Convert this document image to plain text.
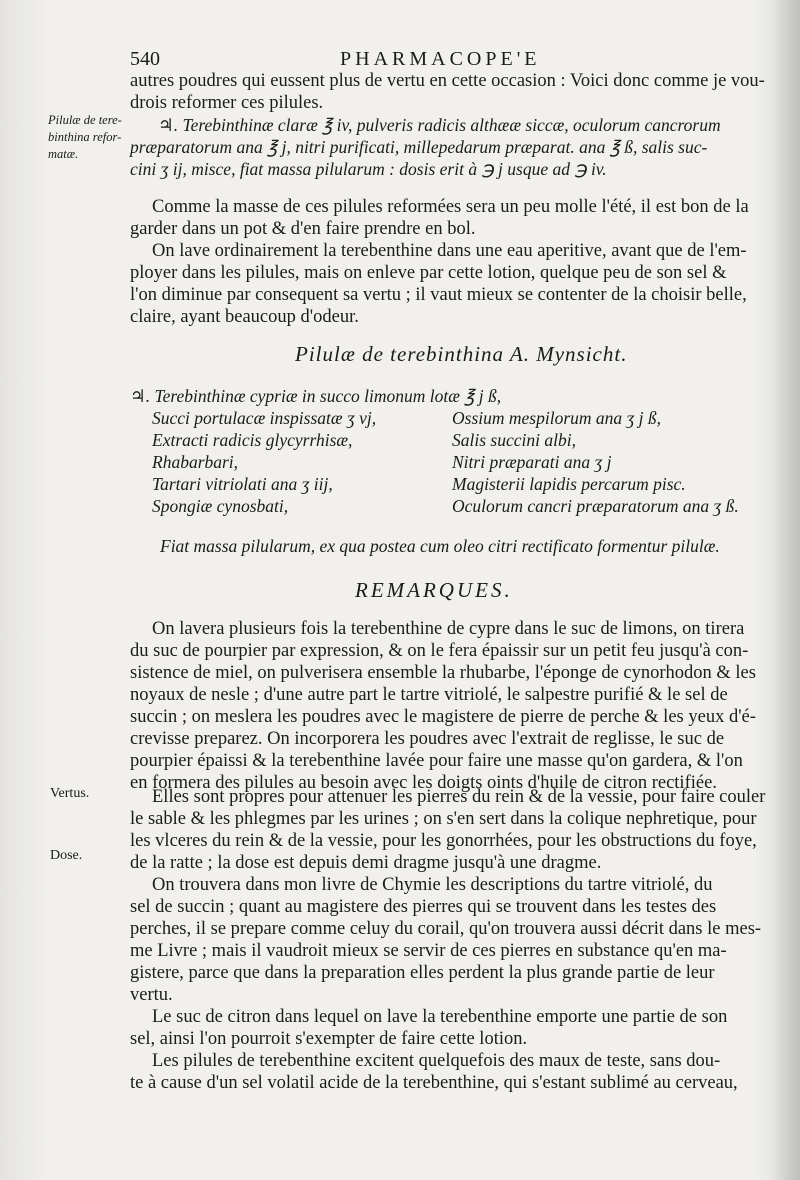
540	PHARMACOPE'E
Pilulæ de tere-
binthina refor-
matæ.
Vertus.
Dose.
autres poudres qui eussent plus de vertu en cette occasion : Voici donc comme je vou-
drois reformer ces pilules.
♃. Terebinthinæ claræ ℥ iv, pulveris radicis althææ siccæ, oculorum cancrorum
præparatorum ana ℥ j, nitri purificati, millepedarum præparat. ana ℥ ß, salis suc-
cini ʒ ij, misce, fiat massa pilularum : dosis erit à ℈ j usque ad ℈ iv.
Comme la masse de ces pilules reformées sera un peu molle l'été, il est bon de la
garder dans un pot & d'en faire prendre en bol.
On lave ordinairement la terebenthine dans une eau aperitive, avant que de l'em-
ployer dans les pilules, mais on enleve par cette lotion, quelque peu de son sel &
l'on diminue par consequent sa vertu ; il vaut mieux se contenter de la choisir belle,
claire, ayant beaucoup d'odeur.
Pilulæ de terebinthina A. Mynsicht.
♃. Terebinthinæ cypriæ in succo limonum lotæ ℥ j ß,
Succi portulacæ inspissatæ ʒ vj,
Extracti radicis glycyrrhisæ,
Rhabarbari,
Tartari vitriolati ana ʒ iij,
Spongiæ cynosbati,
Ossium mespilorum ana ʒ j ß,
Salis succini albi,
Nitri præparati ana ʒ j
Magisterii lapidis percarum pisc.
Oculorum cancri præparatorum ana ʒ ß.
Fiat massa pilularum, ex qua postea cum oleo citri rectificato formentur pilulæ.
REMARQUES.
On lavera plusieurs fois la terebenthine de cypre dans le suc de limons, on tirera
du suc de pourpier par expression, & on le fera épaissir sur un petit feu jusqu'à con-
sistence de miel, on pulverisera ensemble la rhubarbe, l'éponge de cynorhodon & les
noyaux de nesle ; d'une autre part le tartre vitriolé, le salpestre purifié & le sel de
succin ; on meslera les poudres avec le magistere de pierre de perche & les yeux d'é-
crevisse preparez. On incorporera les poudres avec l'extrait de reglisse, le suc de
pourpier épaissi & la terebenthine lavée pour faire une masse qu'on gardera, & l'on
en formera des pilules au besoin avec les doigts oints d'huile de citron rectifiée.
Elles sont propres pour attenuer les pierres du rein & de la vessie, pour faire couler
le sable & les phlegmes par les urines ; on s'en sert dans la colique nephretique, pour
les vlceres du rein & de la vessie, pour les gonorrhées, pour les obstructions du foye,
de la ratte ; la dose est depuis demi dragme jusqu'à une dragme.
On trouvera dans mon livre de Chymie les descriptions du tartre vitriolé, du
sel de succin ; quant au magistere des pierres qui se trouvent dans les testes des
perches, il se prepare comme celuy du corail, qu'on trouvera aussi décrit dans le mes-
me Livre ; mais il vaudroit mieux se servir de ces pierres en substance qu'en ma-
gistere, parce que dans la preparation elles perdent la plus grande partie de leur
vertu.
Le suc de citron dans lequel on lave la terebenthine emporte une partie de son
sel, ainsi l'on pourroit s'exempter de faire cette lotion.
Les pilules de terebenthine excitent quelquefois des maux de teste, sans dou-
te à cause d'un sel volatil acide de la terebenthine, qui s'estant sublimé au cerveau,
